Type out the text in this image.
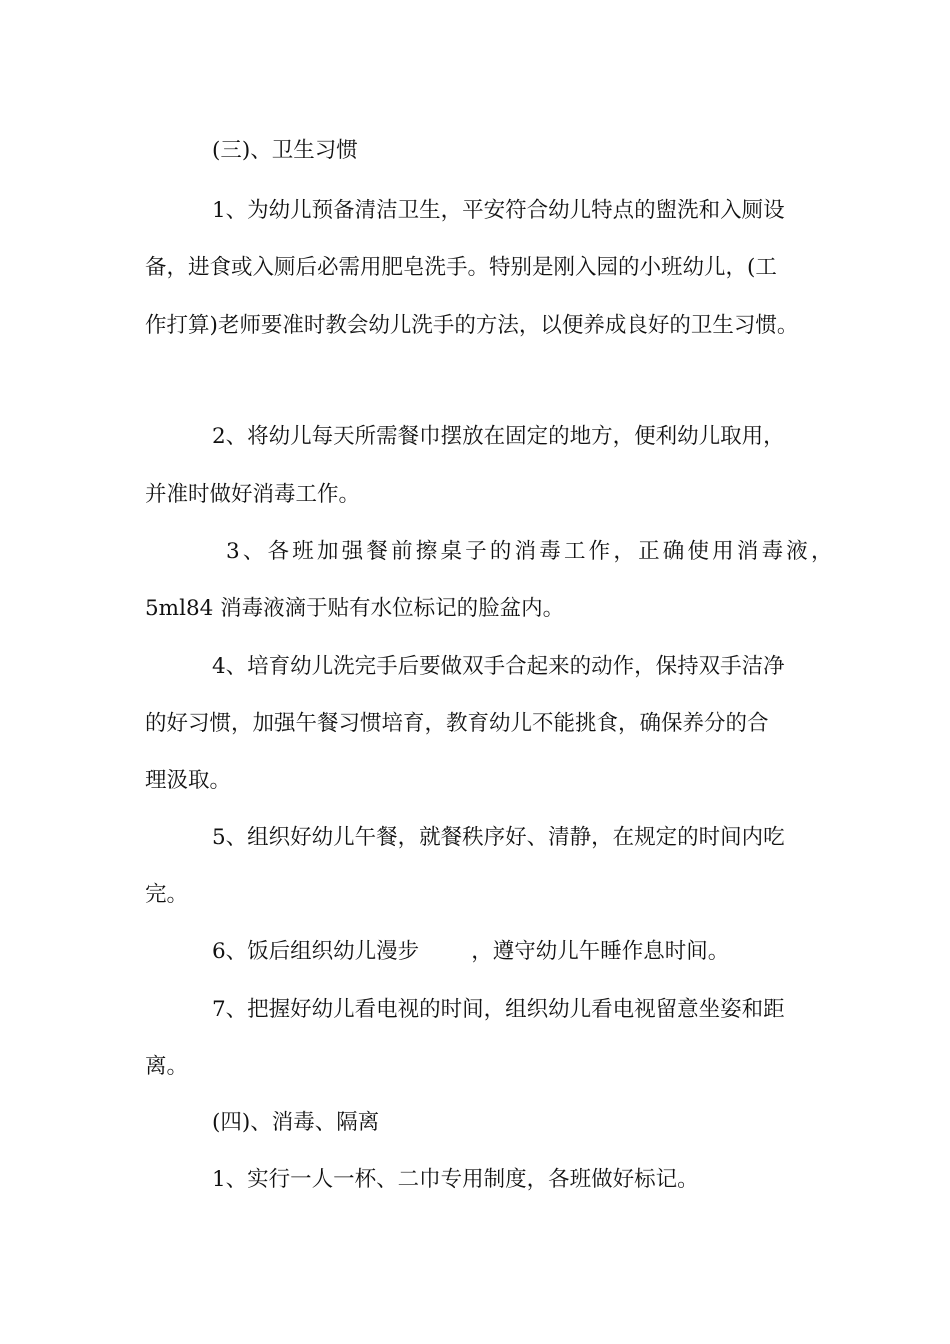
(三)、卫生习惯
1、为幼儿预备清洁卫生，平安符合幼儿特点的盥洗和入厕设
备，进食或入厕后必需用肥皂洗手。特别是刚入园的小班幼儿，(工
作打算)老师要准时教会幼儿洗手的方法，以便养成良好的卫生习惯。
2、将幼儿每天所需餐巾摆放在固定的地方，便利幼儿取用，
并准时做好消毒工作。
3、各班加强餐前擦桌子的消毒工作，正确使用消毒液，
5ml84 消毒液滴于贴有水位标记的脸盆内。
4、培育幼儿洗完手后要做双手合起来的动作，保持双手洁净
的好习惯，加强午餐习惯培育，教育幼儿不能挑食，确保养分的合
理汲取。
5、组织好幼儿午餐，就餐秩序好、清静，在规定的时间内吃
完。
6、饭后组织幼儿漫步 ，遵守幼儿午睡作息时间。
7、把握好幼儿看电视的时间，组织幼儿看电视留意坐姿和距
离。
(四)、消毒、隔离
1、实行一人一杯、二巾专用制度，各班做好标记。
